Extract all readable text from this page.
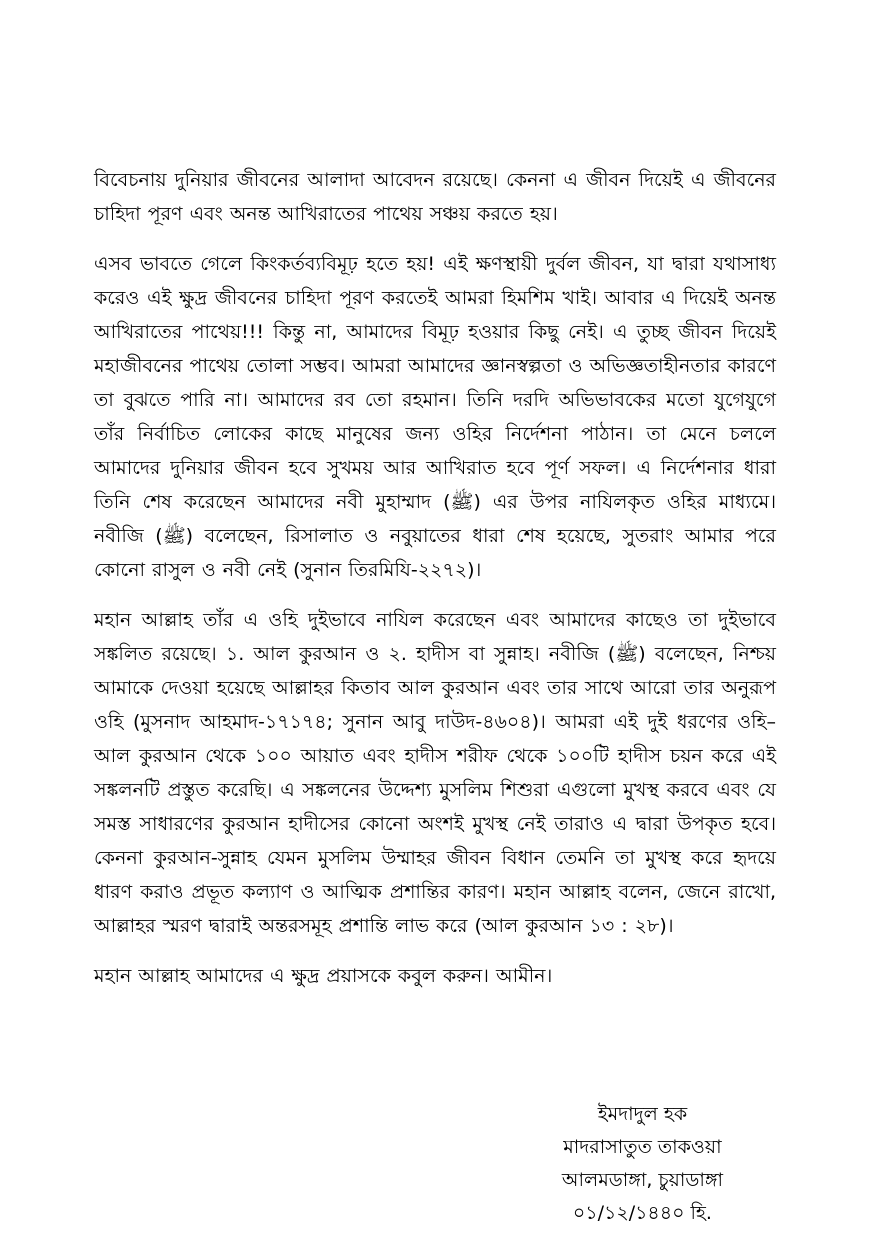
বিবেচনায় দুনিয়ার জীবনের আলাদা আবেদন রয়েছে। কেননা এ জীবন দিয়েই এ জীবনের চাহিদা পূরণ এবং অনন্ত আখিরাতের পাথেয় সঞ্চয় করতে হয়।

এসব ভাবতে গেলে কিংকর্তব্যবিমূঢ় হতে হয়! এই ক্ষণস্থায়ী দুর্বল জীবন, যা দ্বারা যথাসাধ্য করেও এই ক্ষুদ্র জীবনের চাহিদা পূরণ করতেই আমরা হিমশিম খাই। আবার এ দিয়েই অনন্ত আখিরাতের পাথেয়!!! কিন্তু না, আমাদের বিমূঢ় হওয়ার কিছু নেই। এ তুচ্ছ জীবন দিয়েই মহাজীবনের পাথেয় তোলা সম্ভব। আমরা আমাদের জ্ঞানস্বল্পতা ও অভিজ্ঞতাহীনতার কারণে তা বুঝতে পারি না। আমাদের রব তো রহমান। তিনি দরদি অভিভাবকের মতো যুগেযুগে তাঁর নির্বাচিত লোকের কাছে মানুষের জন্য ওহির নির্দেশনা পাঠান। তা মেনে চললে আমাদের দুনিয়ার জীবন হবে সুখময় আর আখিরাত হবে পূর্ণ সফল। এ নির্দেশনার ধারা তিনি শেষ করেছেন আমাদের নবী মুহাম্মাদ (ﷺ) এর উপর নাযিলকৃত ওহির মাধ্যমে। নবীজি (ﷺ) বলেছেন, রিসালাত ও নবুয়াতের ধারা শেষ হয়েছে, সুতরাং আমার পরে কোনো রাসুল ও নবী নেই (সুনান তিরমিযি-২২৭২)।

মহান আল্লাহ তাঁর এ ওহি দুইভাবে নাযিল করেছেন এবং আমাদের কাছেও তা দুইভাবে সঙ্কলিত রয়েছে। ১. আল কুরআন ও ২. হাদীস বা সুন্নাহ। নবীজি (ﷺ) বলেছেন, নিশ্চয় আমাকে দেওয়া হয়েছে আল্লাহর কিতাব আল কুরআন এবং তার সাথে আরো তার অনুরূপ ওহি (মুসনাদ আহমাদ-১৭১৭৪; সুনান আবু দাউদ-৪৬০৪)। আমরা এই দুই ধরণের ওহি– আল কুরআন থেকে ১০০ আয়াত এবং হাদীস শরীফ থেকে ১০০টি হাদীস চয়ন করে এই সঙ্কলনটি প্রস্তুত করেছি। এ সঙ্কলনের উদ্দেশ্য মুসলিম শিশুরা এগুলো মুখস্থ করবে এবং যে সমস্ত সাধারণের কুরআন হাদীসের কোনো অংশই মুখস্থ নেই তারাও এ দ্বারা উপকৃত হবে। কেননা কুরআন-সুন্নাহ যেমন মুসলিম উম্মাহর জীবন বিধান তেমনি তা মুখস্থ করে হৃদয়ে ধারণ করাও প্রভূত কল্যাণ ও আত্মিক প্রশান্তির কারণ। মহান আল্লাহ বলেন, জেনে রাখো, আল্লাহর স্মরণ দ্বারাই অন্তরসমূহ প্রশান্তি লাভ করে (আল কুরআন ১৩ : ২৮)।

মহান আল্লাহ আমাদের এ ক্ষুদ্র প্রয়াসকে কবুল করুন। আমীন।

ইমদাদুল হক
মাদরাসাতুত তাকওয়া
আলমডাঙ্গা, চুয়াডাঙ্গা
০১/১২/১৪৪০ হি.
